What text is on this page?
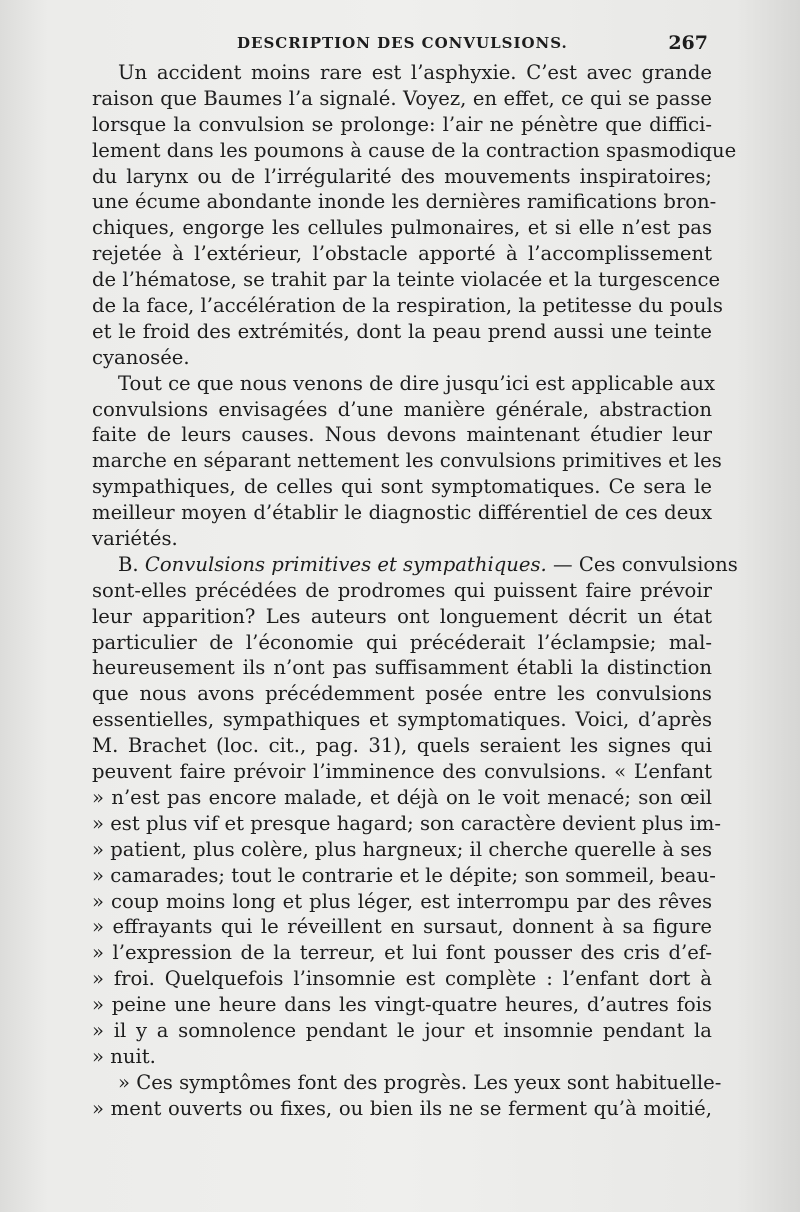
DESCRIPTION DES CONVULSIONS.	267
Un accident moins rare est l’asphyxie. C’est avec grande
raison que Baumes l’a signalé. Voyez, en effet, ce qui se passe
lorsque la convulsion se prolonge: l’air ne pénètre que diffici-
lement dans les poumons à cause de la contraction spasmodique
du larynx ou de l’irrégularité des mouvements inspiratoires;
une écume abondante inonde les dernières ramifications bron-
chiques, engorge les cellules pulmonaires, et si elle n’est pas
rejetée à l’extérieur, l’obstacle apporté à l’accomplissement
de l’hématose, se trahit par la teinte violacée et la turgescence
de la face, l’accélération de la respiration, la petitesse du pouls
et le froid des extrémités, dont la peau prend aussi une teinte
cyanosée.
Tout ce que nous venons de dire jusqu’ici est applicable aux
convulsions envisagées d’une manière générale, abstraction
faite de leurs causes. Nous devons maintenant étudier leur
marche en séparant nettement les convulsions primitives et les
sympathiques, de celles qui sont symptomatiques. Ce sera le
meilleur moyen d’établir le diagnostic différentiel de ces deux
variétés.
B. Convulsions primitives et sympathiques. — Ces convulsions
sont-elles précédées de prodromes qui puissent faire prévoir
leur apparition? Les auteurs ont longuement décrit un état
particulier de l’économie qui précéderait l’éclampsie; mal-
heureusement ils n’ont pas suffisamment établi la distinction
que nous avons précédemment posée entre les convulsions
essentielles, sympathiques et symptomatiques. Voici, d’après
M. Brachet (loc. cit., pag. 31), quels seraient les signes qui
peuvent faire prévoir l’imminence des convulsions. « L’enfant
» n’est pas encore malade, et déjà on le voit menacé; son œil
» est plus vif et presque hagard; son caractère devient plus im-
» patient, plus colère, plus hargneux; il cherche querelle à ses
» camarades; tout le contrarie et le dépite; son sommeil, beau-
» coup moins long et plus léger, est interrompu par des rêves
» effrayants qui le réveillent en sursaut, donnent à sa figure
» l’expression de la terreur, et lui font pousser des cris d’ef-
» froi. Quelquefois l’insomnie est complète : l’enfant dort à
» peine une heure dans les vingt-quatre heures, d’autres fois
» il y a somnolence pendant le jour et insomnie pendant la
» nuit.
» Ces symptômes font des progrès. Les yeux sont habituelle-
» ment ouverts ou fixes, ou bien ils ne se ferment qu’à moitié,
